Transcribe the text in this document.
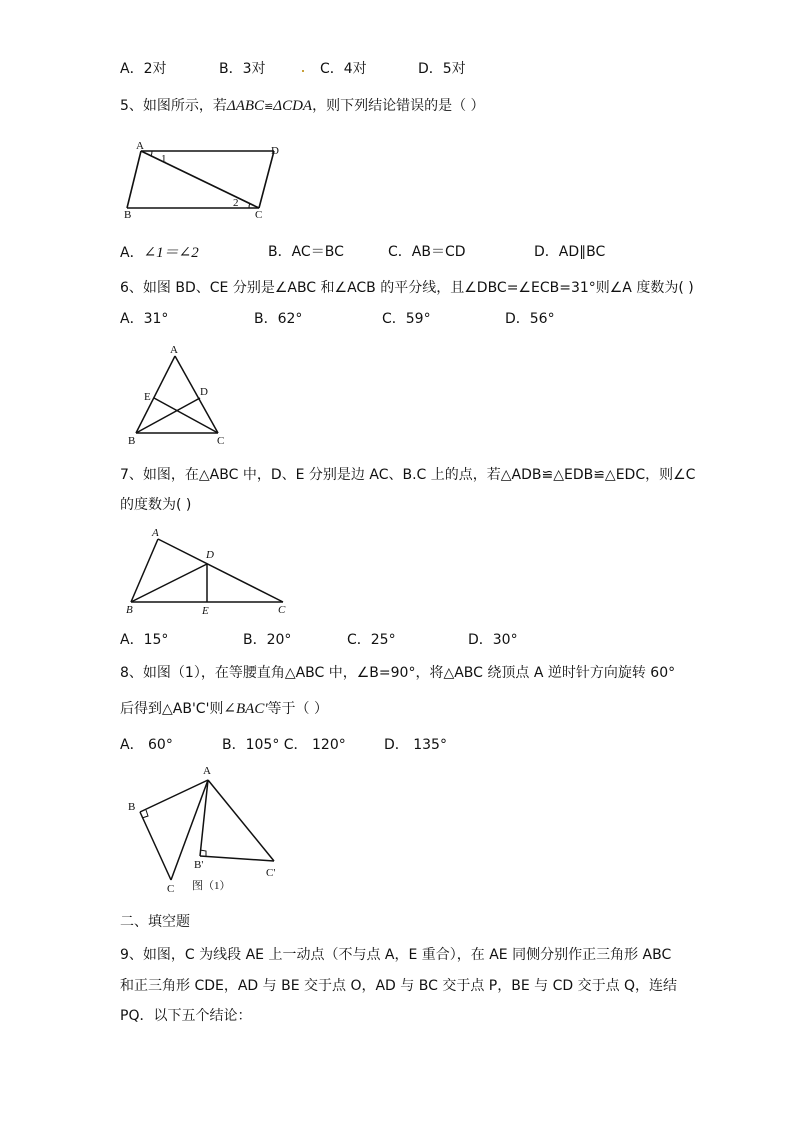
A．2对	B．3对	C．4对	D．5对
5、如图所示，若ΔABC≌ΔCDA，则下列结论错误的是（ ）
A	D
B	C
1
2
A．∠1＝∠2	B．AC＝BC	C．AB＝CD	D．AD∥BC
6、如图 BD、CE 分别是∠ABC 和∠ACB 的平分线，且∠DBC=∠ECB=31°则∠A 度数为( )
A．31°	B．62°	C．59°	D．56°
A
E	D
B	C
7、如图，在△ABC 中，D、E 分别是边 AC、B.C 上的点，若△ADB≌△EDB≌△EDC，则∠C
的度数为( )
A
D
B	E	C
A．15°	B．20°	C．25°	D．30°
8、如图（1），在等腰直角△ABC 中，∠B=90°，将△ABC 绕顶点 A 逆时针方向旋转 60°
后得到△AB'C'则∠BAC'等于（ ）
A． 60°	B．105° C． 120°	D． 135°
A
B
C
B'
C'
图（1）
二、填空题
9、如图，C 为线段 AE 上一动点（不与点 A，E 重合），在 AE 同侧分别作正三角形 ABC
和正三角形 CDE，AD 与 BE 交于点 O，AD 与 BC 交于点 P，BE 与 CD 交于点 Q，连结
PQ．以下五个结论：
